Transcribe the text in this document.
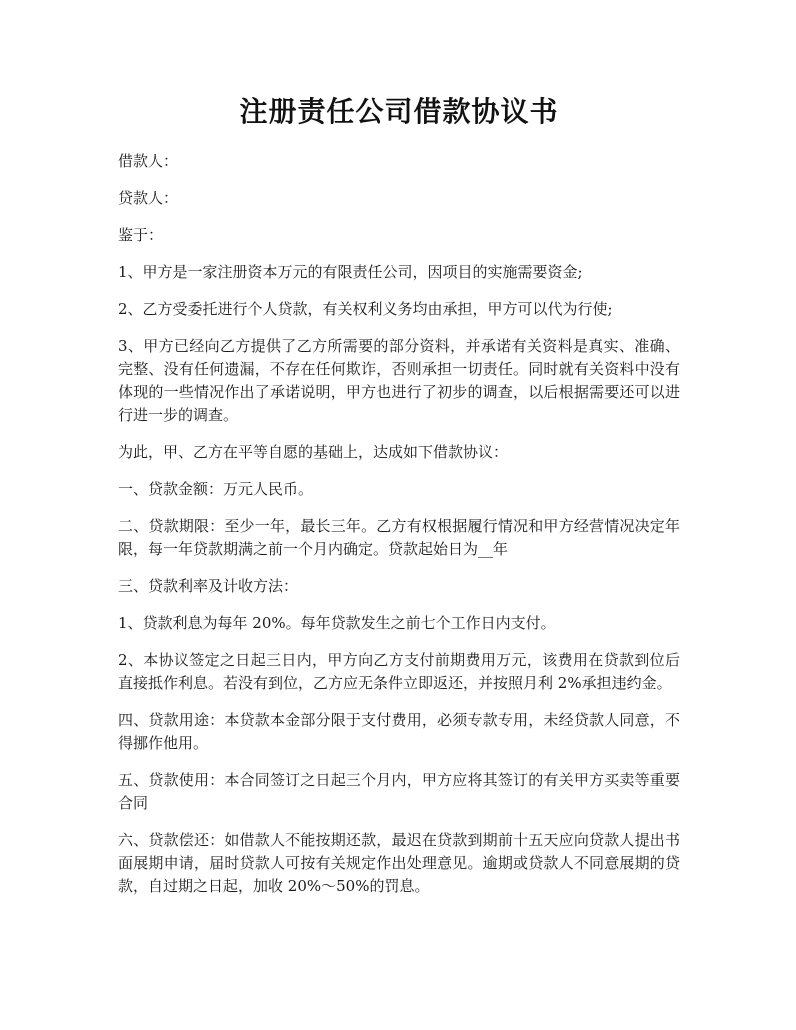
注册责任公司借款协议书

借款人：

贷款人：

鉴于：

1、甲方是一家注册资本万元的有限责任公司，因项目的实施需要资金;

2、乙方受委托进行个人贷款，有关权利义务均由承担，甲方可以代为行使;

3、甲方已经向乙方提供了乙方所需要的部分资料，并承诺有关资料是真实、准确、完整、没有任何遗漏，不存在任何欺诈，否则承担一切责任。同时就有关资料中没有体现的一些情况作出了承诺说明，甲方也进行了初步的调查，以后根据需要还可以进行进一步的调查。

为此，甲、乙方在平等自愿的基础上，达成如下借款协议：

一、贷款金额：万元人民币。

二、贷款期限：至少一年，最长三年。乙方有权根据履行情况和甲方经营情况决定年限，每一年贷款期满之前一个月内确定。贷款起始日为__年

三、贷款利率及计收方法：

1、贷款利息为每年 20%。每年贷款发生之前七个工作日内支付。

2、本协议签定之日起三日内，甲方向乙方支付前期费用万元，该费用在贷款到位后直接抵作利息。若没有到位，乙方应无条件立即返还，并按照月利 2%承担违约金。

四、贷款用途：本贷款本金部分限于支付费用，必须专款专用，未经贷款人同意，不得挪作他用。

五、贷款使用：本合同签订之日起三个月内，甲方应将其签订的有关甲方买卖等重要合同

六、贷款偿还：如借款人不能按期还款，最迟在贷款到期前十五天应向贷款人提出书面展期申请，届时贷款人可按有关规定作出处理意见。逾期或贷款人不同意展期的贷款，自过期之日起，加收 20%～50%的罚息。
